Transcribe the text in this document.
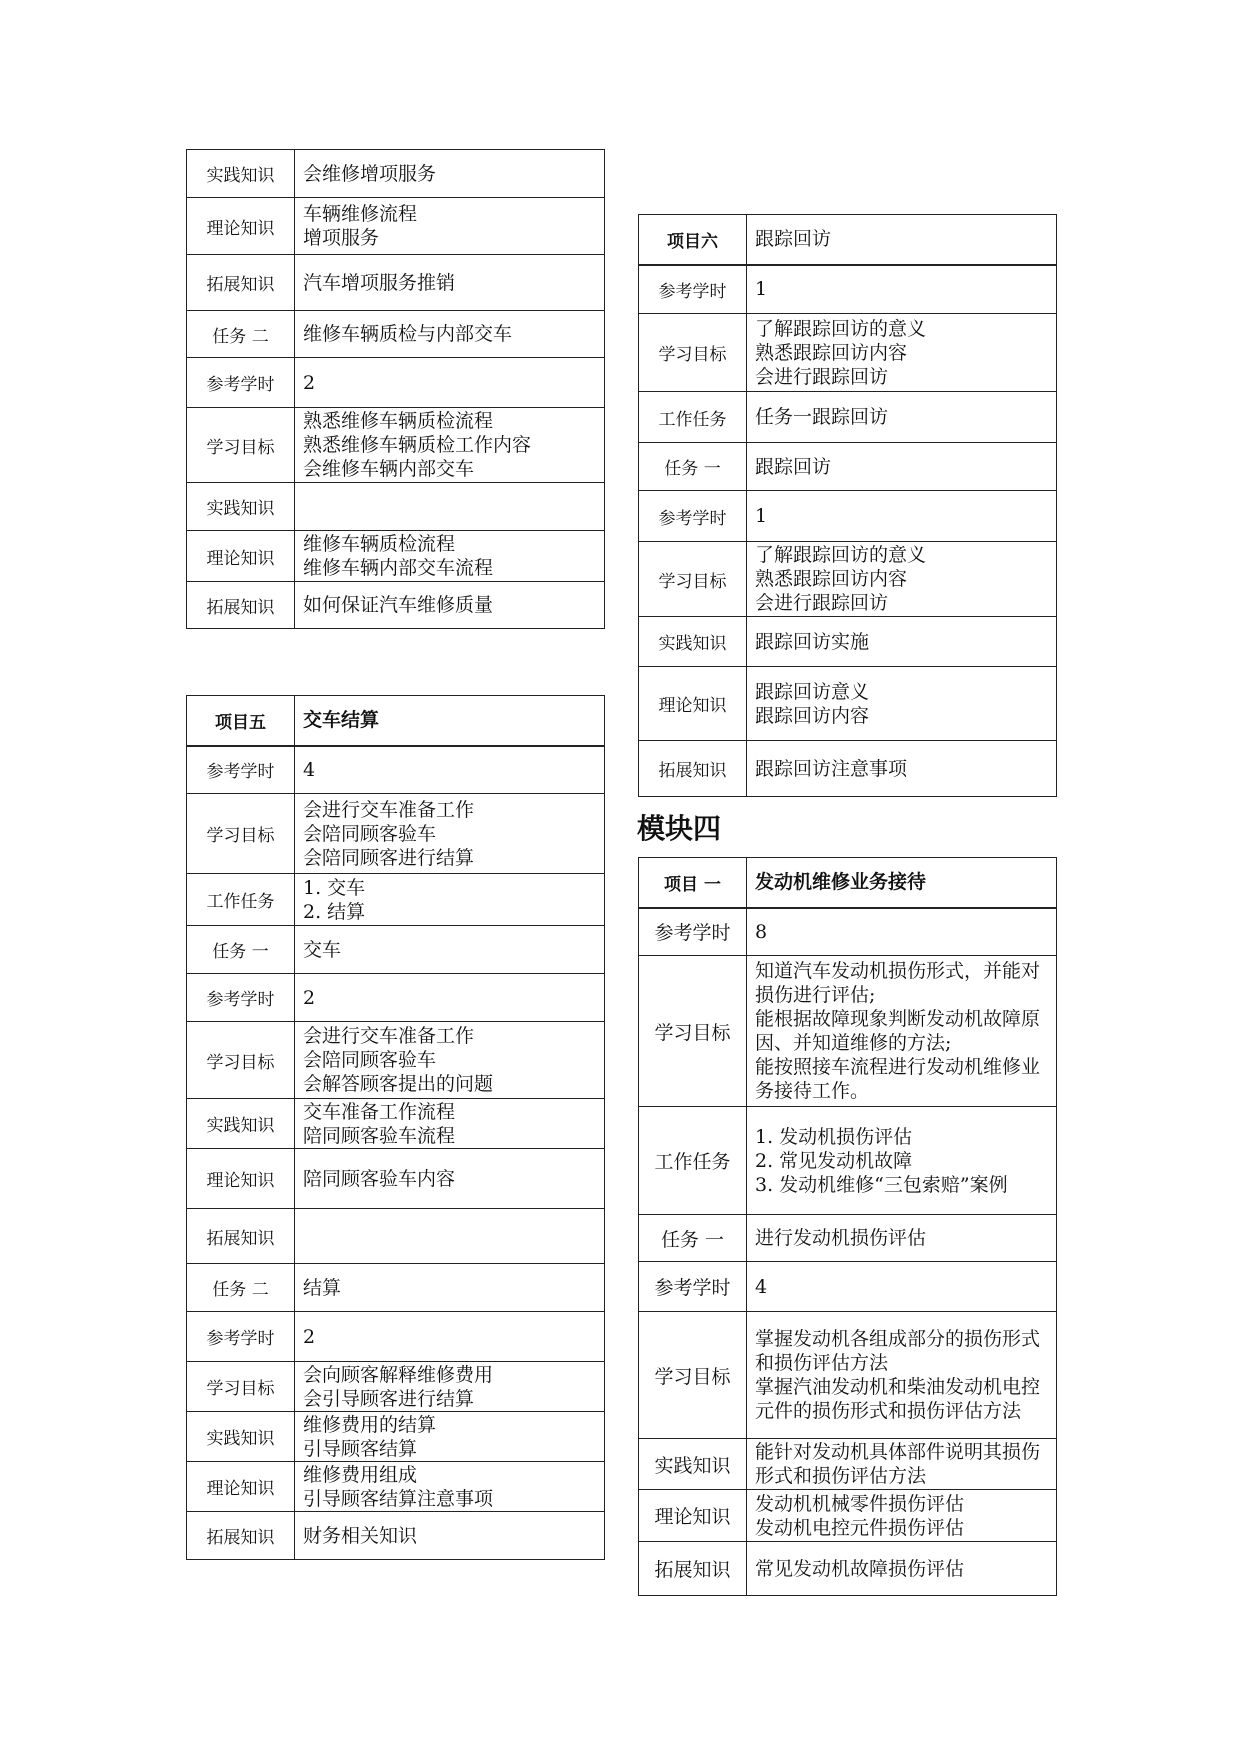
实践知识	会维修增项服务
理论知识	车辆维修流程
增项服务
拓展知识	汽车增项服务推销
任务 二	维修车辆质检与内部交车
参考学时	2
学习目标	熟悉维修车辆质检流程
熟悉维修车辆质检工作内容
会维修车辆内部交车
实践知识	
理论知识	维修车辆质检流程
维修车辆内部交车流程
拓展知识	如何保证汽车维修质量
项目五	交车结算
参考学时	4
学习目标	会进行交车准备工作
会陪同顾客验车
会陪同顾客进行结算
工作任务	1. 交车
2. 结算
任务 一	交车
参考学时	2
学习目标	会进行交车准备工作
会陪同顾客验车
会解答顾客提出的问题
实践知识	交车准备工作流程
陪同顾客验车流程
理论知识	陪同顾客验车内容
拓展知识	
任务 二	结算
参考学时	2
学习目标	会向顾客解释维修费用
会引导顾客进行结算
实践知识	维修费用的结算
引导顾客结算
理论知识	维修费用组成
引导顾客结算注意事项
拓展知识	财务相关知识
项目六	跟踪回访
参考学时	1
学习目标	了解跟踪回访的意义
熟悉跟踪回访内容
会进行跟踪回访
工作任务	任务一跟踪回访
任务 一	跟踪回访
参考学时	1
学习目标	了解跟踪回访的意义
熟悉跟踪回访内容
会进行跟踪回访
实践知识	跟踪回访实施
理论知识	跟踪回访意义
跟踪回访内容
拓展知识	跟踪回访注意事项
模块四
项目 一	发动机维修业务接待
参考学时	8
学习目标	知道汽车发动机损伤形式，并能对损伤进行评估;
能根据故障现象判断发动机故障原因、并知道维修的方法;
能按照接车流程进行发动机维修业务接待工作。
工作任务	1. 发动机损伤评估
2. 常见发动机故障
3. 发动机维修“三包索赔”案例
任务 一	进行发动机损伤评估
参考学时	4
学习目标	掌握发动机各组成部分的损伤形式和损伤评估方法
掌握汽油发动机和柴油发动机电控元件的损伤形式和损伤评估方法
实践知识	能针对发动机具体部件说明其损伤形式和损伤评估方法
理论知识	发动机机械零件损伤评估
发动机电控元件损伤评估
拓展知识	常见发动机故障损伤评估
